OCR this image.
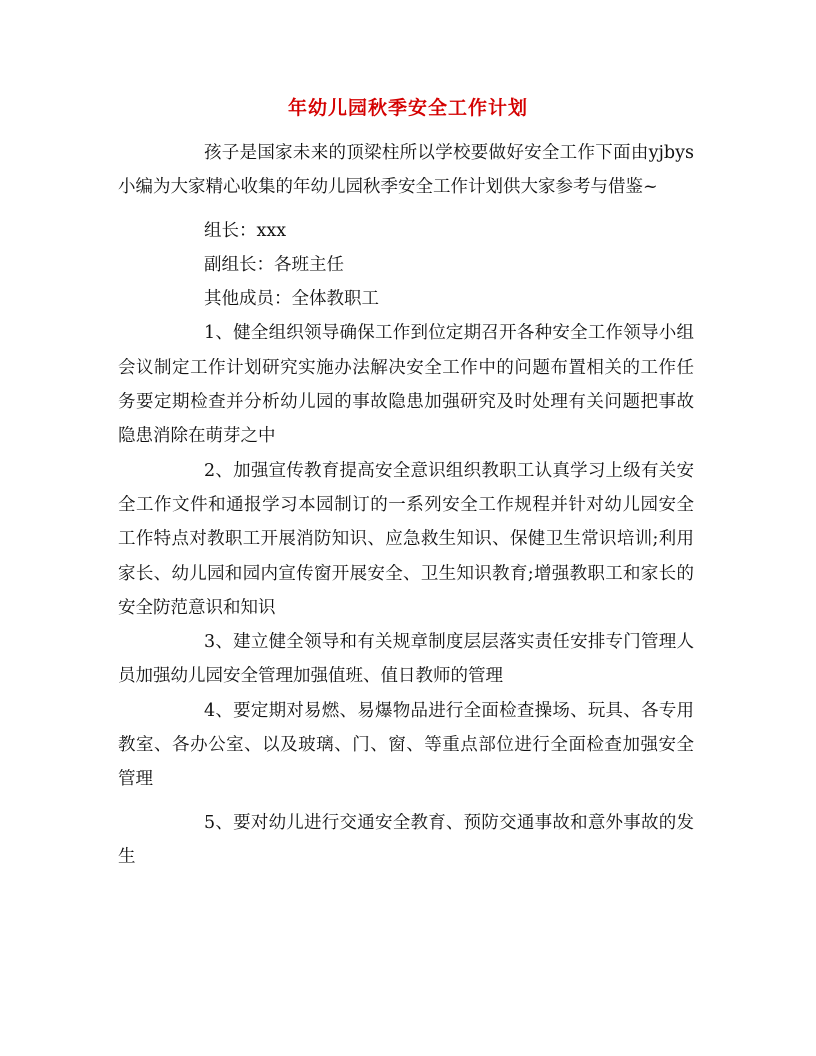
年幼儿园秋季安全工作计划

孩子是国家未来的顶梁柱所以学校要做好安全工作下面由yjbys小编为大家精心收集的年幼儿园秋季安全工作计划供大家参考与借鉴~

组长：xxx

副组长：各班主任

其他成员：全体教职工

1、健全组织领导确保工作到位定期召开各种安全工作领导小组会议制定工作计划研究实施办法解决安全工作中的问题布置相关的工作任务要定期检查并分析幼儿园的事故隐患加强研究及时处理有关问题把事故隐患消除在萌芽之中

2、加强宣传教育提高安全意识组织教职工认真学习上级有关安全工作文件和通报学习本园制订的一系列安全工作规程并针对幼儿园安全工作特点对教职工开展消防知识、应急救生知识、保健卫生常识培训;利用家长、幼儿园和园内宣传窗开展安全、卫生知识教育;增强教职工和家长的安全防范意识和知识

3、建立健全领导和有关规章制度层层落实责任安排专门管理人员加强幼儿园安全管理加强值班、值日教师的管理

4、要定期对易燃、易爆物品进行全面检查操场、玩具、各专用教室、各办公室、以及玻璃、门、窗、等重点部位进行全面检查加强安全管理

5、要对幼儿进行交通安全教育、预防交通事故和意外事故的发生
